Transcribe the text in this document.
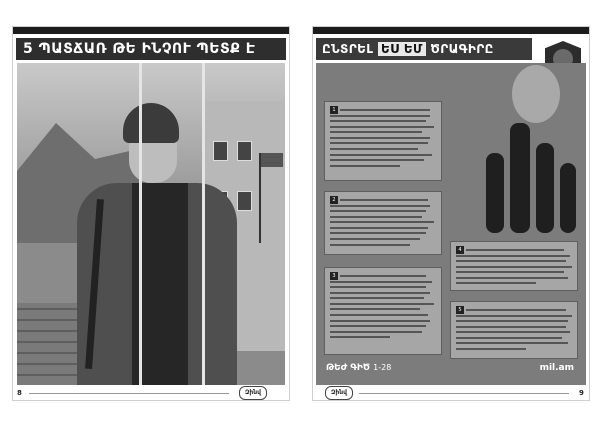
5 ՊԱՏՃԱՌ ԹԵ ԻՆՉՈՒ ՊԵՏՔ Է
8	Զինվ
ԸՆՏՐԵԼ ԵՍ ԵՄ ԾՐԱԳԻՐԸ

1

2

3

4

5

ԹԵԺ ԳԻԾ 1-28	mil.am
Զինվ	9
